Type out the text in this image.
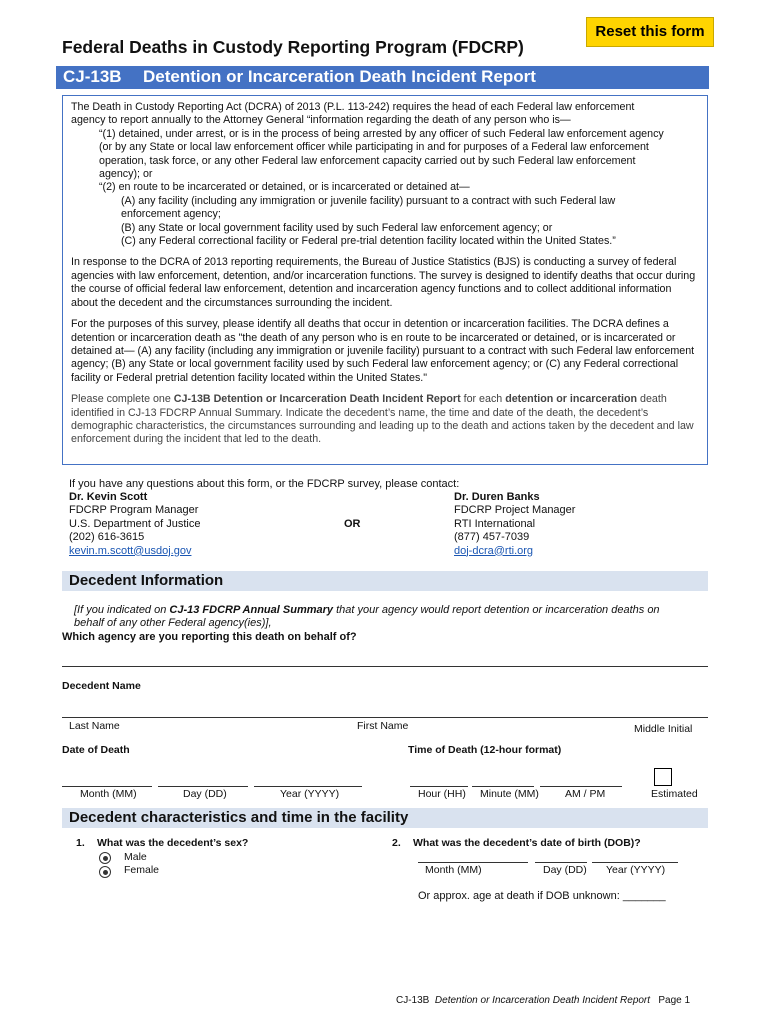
Reset this form
Federal Deaths in Custody Reporting Program (FDCRP)
CJ-13B Detention or Incarceration Death Incident Report

The Death in Custody Reporting Act (DCRA) of 2013 (P.L. 113-242) requires the head of each Federal law enforcement
agency to report annually to the Attorney General “information regarding the death of any person who is—
“(1) detained, under arrest, or is in the process of being arrested by any officer of such Federal law enforcement agency
(or by any State or local law enforcement officer while participating in and for purposes of a Federal law enforcement
operation, task force, or any other Federal law enforcement capacity carried out by such Federal law enforcement
agency); or
“(2) en route to be incarcerated or detained, or is incarcerated or detained at—
(A) any facility (including any immigration or juvenile facility) pursuant to a contract with such Federal law
enforcement agency;
(B) any State or local government facility used by such Federal law enforcement agency; or
(C) any Federal correctional facility or Federal pre-trial detention facility located within the United States.”

In response to the DCRA of 2013 reporting requirements, the Bureau of Justice Statistics (BJS) is conducting a survey of federal agencies with law enforcement, detention, and/or incarceration functions. The survey is designed to identify deaths that occur during the course of official federal law enforcement, detention and incarceration agency functions and to collect additional information about the decedent and the circumstances surrounding the incident.

For the purposes of this survey, please identify all deaths that occur in detention or incarceration facilities. The DCRA defines a detention or incarceration death as "the death of any person who is en route to be incarcerated or detained, or is incarcerated or detained at— (A) any facility (including any immigration or juvenile facility) pursuant to a contract with such Federal law enforcement agency; (B) any State or local government facility used by such Federal law enforcement agency; or (C) any Federal correctional facility or Federal pretrial detention facility located within the United States."

Please complete one CJ-13B Detention or Incarceration Death Incident Report for each detention or incarceration death identified in CJ-13 FDCRP Annual Summary. Indicate the decedent’s name, the time and date of the death, the decedent’s demographic characteristics, the circumstances surrounding and leading up to the death and actions taken by the decedent and law enforcement during the incident that led to the death.

If you have any questions about this form, or the FDCRP survey, please contact:
Dr. Kevin Scott
FDCRP Program Manager
U.S. Department of Justice
(202) 616-3615
kevin.m.scott@usdoj.gov
OR
Dr. Duren Banks
FDCRP Project Manager
RTI International
(877) 457-7039
doj-dcra@rti.org
Decedent Information
[If you indicated on CJ-13 FDCRP Annual Summary that your agency would report detention or incarceration deaths on
behalf of any other Federal agency(ies)],
Which agency are you reporting this death on behalf of?
Decedent Name
Last Name	First Name	Middle Initial
Date of Death	Time of Death (12-hour format)
Month (MM)	Day (DD)	Year (YYYY)	Hour (HH) Minute (MM) AM / PM	Estimated
Decedent characteristics and time in the facility
1. What was the decedent’s sex?
Male
Female
2. What was the decedent’s date of birth (DOB)?
Month (MM)	Day (DD) Year (YYYY)
Or approx. age at death if DOB unknown: _______
CJ-13B Detention or Incarceration Death Incident Report Page 1
